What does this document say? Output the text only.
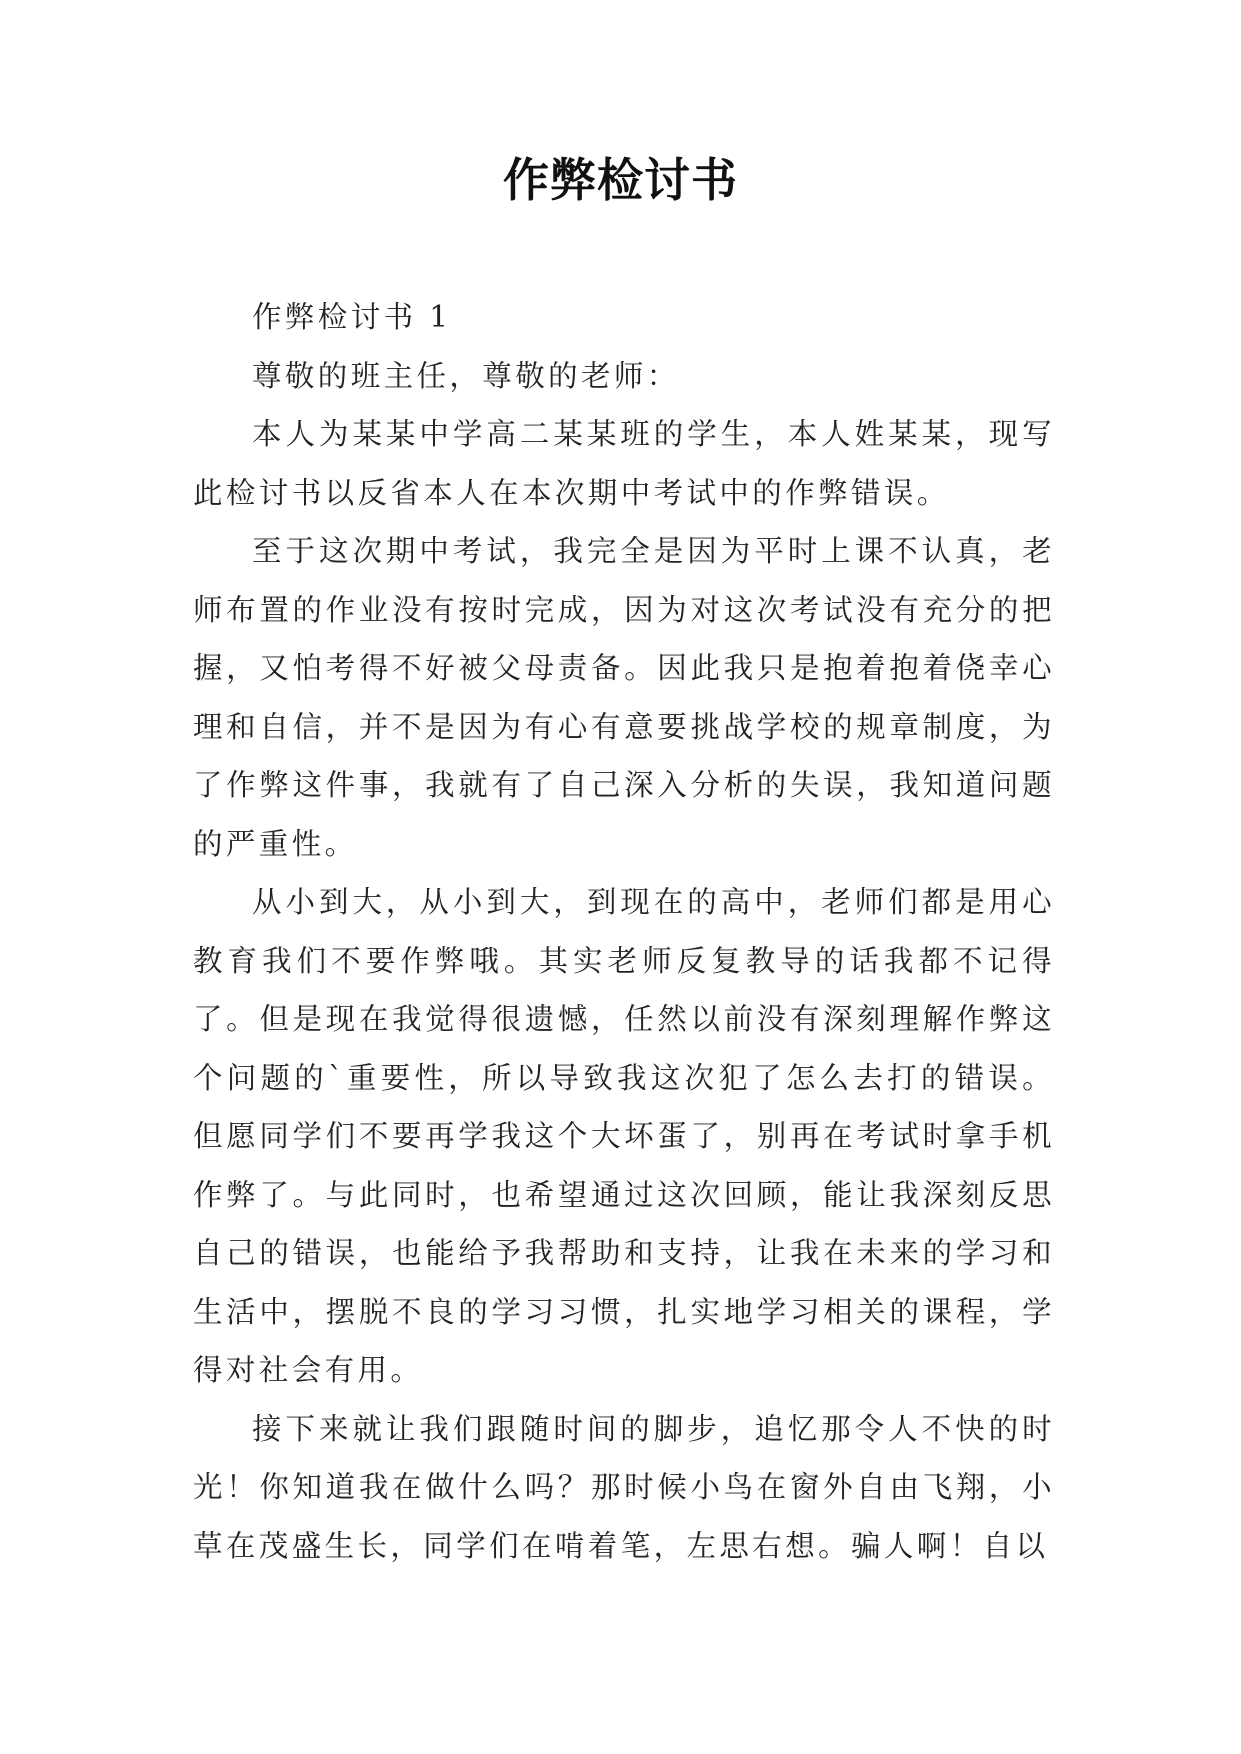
作弊检讨书

作弊检讨书 1

尊敬的班主任，尊敬的老师：

本人为某某中学高二某某班的学生，本人姓某某，现写此检讨书以反省本人在本次期中考试中的作弊错误。

至于这次期中考试，我完全是因为平时上课不认真，老师布置的作业没有按时完成，因为对这次考试没有充分的把握，又怕考得不好被父母责备。因此我只是抱着抱着侥幸心理和自信，并不是因为有心有意要挑战学校的规章制度，为了作弊这件事，我就有了自己深入分析的失误，我知道问题的严重性。

从小到大，从小到大，到现在的高中，老师们都是用心教育我们不要作弊哦。其实老师反复教导的话我都不记得了。但是现在我觉得很遗憾，任然以前没有深刻理解作弊这个问题的`重要性，所以导致我这次犯了怎么去打的错误。但愿同学们不要再学我这个大坏蛋了，别再在考试时拿手机作弊了。与此同时，也希望通过这次回顾，能让我深刻反思自己的错误，也能给予我帮助和支持，让我在未来的学习和生活中，摆脱不良的学习习惯，扎实地学习相关的课程，学得对社会有用。

接下来就让我们跟随时间的脚步，追忆那令人不快的时光！你知道我在做什么吗？那时候小鸟在窗外自由飞翔，小草在茂盛生长，同学们在啃着笔，左思右想。骗人啊！自以
